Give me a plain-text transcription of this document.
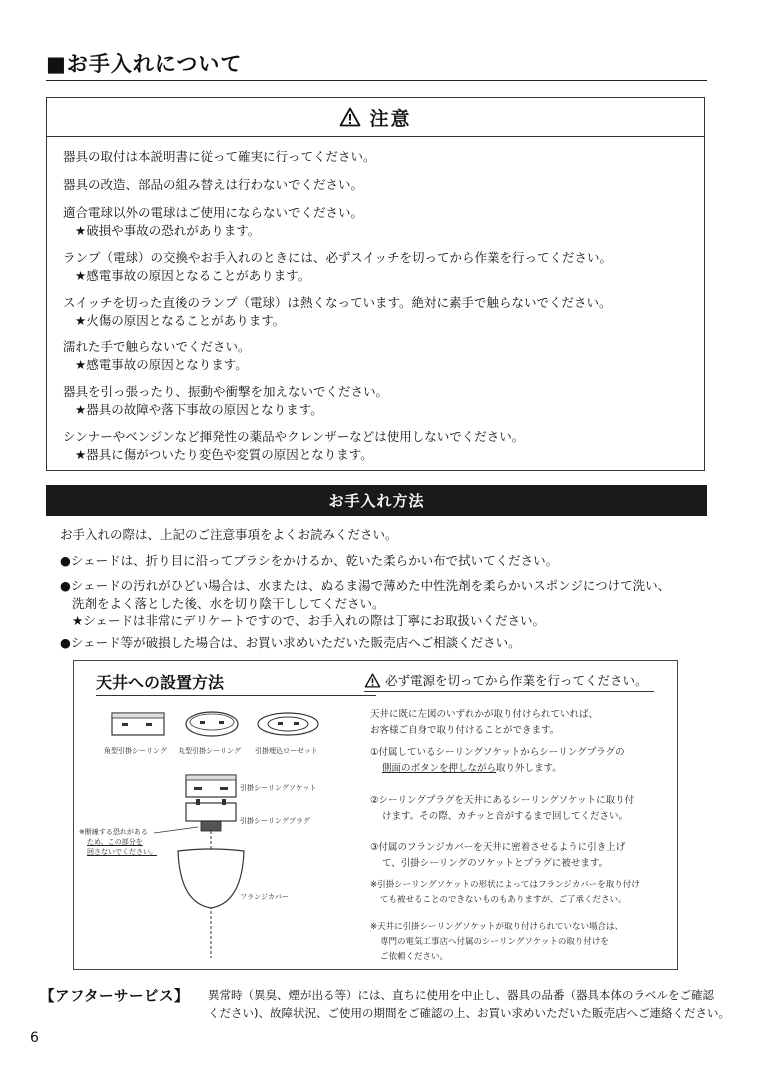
■お手入れについて
注意
器具の取付は本説明書に従って確実に行ってください。
器具の改造、部品の組み替えは行わないでください。
適合電球以外の電球はご使用にならないでください。
★破損や事故の恐れがあります。
ランプ（電球）の交換やお手入れのときには、必ずスイッチを切ってから作業を行ってください。
★感電事故の原因となることがあります。
スイッチを切った直後のランプ（電球）は熱くなっています。絶対に素手で触らないでください。
★火傷の原因となることがあります。
濡れた手で触らないでください。
★感電事故の原因となります。
器具を引っ張ったり、振動や衝撃を加えないでください。
★器具の故障や落下事故の原因となります。
シンナーやベンジンなど揮発性の薬品やクレンザーなどは使用しないでください。
★器具に傷がついたり変色や変質の原因となります。
お手入れ方法
お手入れの際は、上記のご注意事項をよくお読みください。
●シェードは、折り目に沿ってブラシをかけるか、乾いた柔らかい布で拭いてください。
●シェードの汚れがひどい場合は、水または、ぬるま湯で薄めた中性洗剤を柔らかいスポンジにつけて洗い、
洗剤をよく落とした後、水を切り陰干ししてください。
★シェードは非常にデリケートですので、お手入れの際は丁寧にお取扱いください。
●シェード等が破損した場合は、お買い求めいただいた販売店へご相談ください。
天井への設置方法	必ず電源を切ってから作業を行ってください。
角型引掛シーリング 丸型引掛シーリング 引掛埋込ローゼット
引掛シーリングソケット
引掛シーリングプラグ
フランジカバー
※断線する恐れがある
ため、この部分を
回さないでください。
天井に既に左図のいずれかが取り付けられていれば、
お客様ご自身で取り付けることができます。
①付属しているシーリングソケットからシーリングプラグの
側面のボタンを押しながら取り外します。
②シーリングプラグを天井にあるシーリングソケットに取り付
けます。その際、カチッと音がするまで回してください。
③付属のフランジカバーを天井に密着させるように引き上げ
て、引掛シーリングのソケットとプラグに被せます。
※引掛シーリングソケットの形状によってはフランジカバーを取り付け
ても被せることのできないものもありますが、ご了承ください。
※天井に引掛シーリングソケットが取り付けられていない場合は、
専門の電気工事店へ付属のシーリングソケットの取り付けを
ご依頼ください。
【アフターサービス】 異常時（異臭、煙が出る等）には、直ちに使用を中止し、器具の品番（器具本体のラベルをご確認
ください)、故障状況、ご使用の期間をご確認の上、お買い求めいただいた販売店へご連絡ください。
6
